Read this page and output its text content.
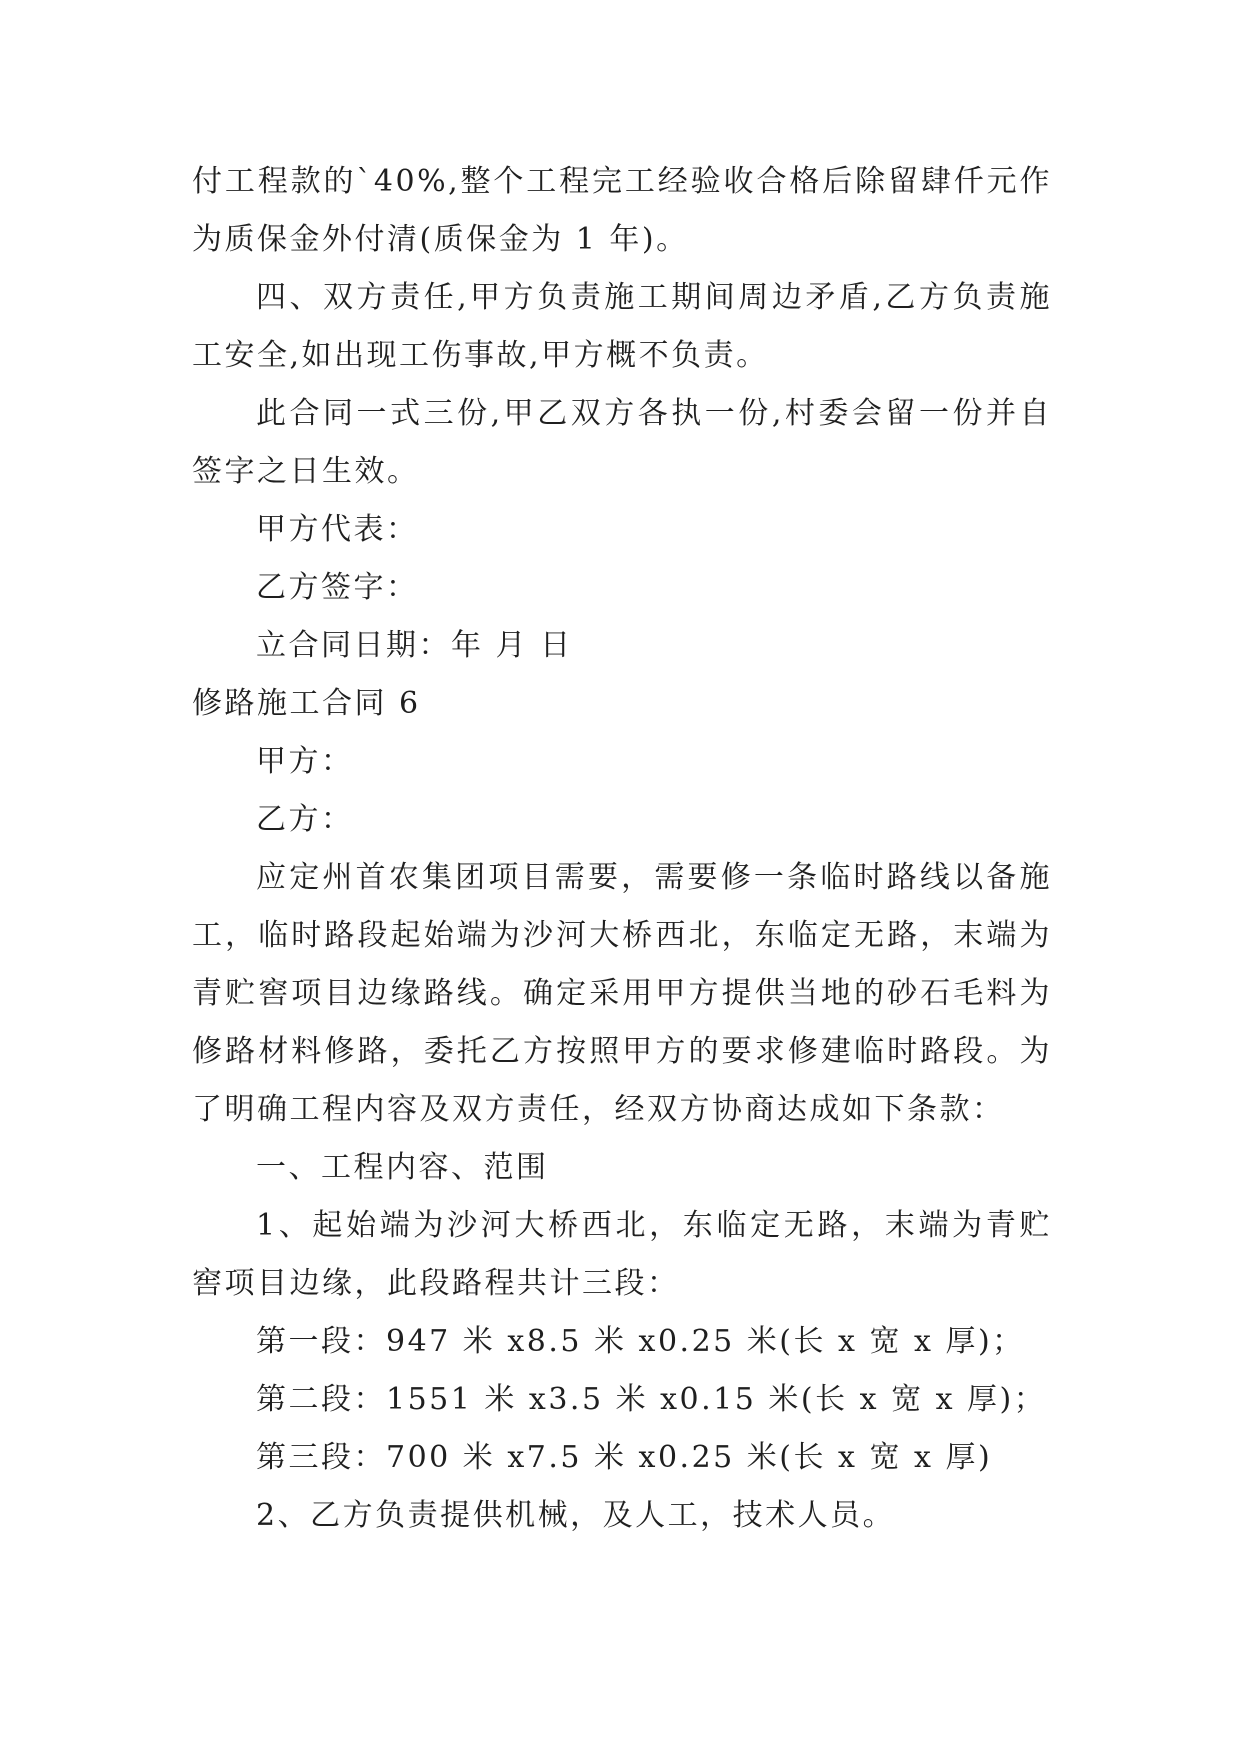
付工程款的`40%,整个工程完工经验收合格后除留肆仟元作为质保金外付清(质保金为 1 年)。

四、双方责任,甲方负责施工期间周边矛盾,乙方负责施工安全,如出现工伤事故,甲方概不负责。

此合同一式三份,甲乙双方各执一份,村委会留一份并自签字之日生效。

甲方代表：

乙方签字：

立合同日期：年 月 日

修路施工合同 6

甲方：

乙方：

应定州首农集团项目需要，需要修一条临时路线以备施工，临时路段起始端为沙河大桥西北，东临定无路，末端为青贮窖项目边缘路线。确定采用甲方提供当地的砂石毛料为修路材料修路，委托乙方按照甲方的要求修建临时路段。为了明确工程内容及双方责任，经双方协商达成如下条款：

一、工程内容、范围

1、起始端为沙河大桥西北，东临定无路，末端为青贮窖项目边缘，此段路程共计三段：

第一段：947 米 x8.5 米 x0.25 米(长 x 宽 x 厚)；

第二段：1551 米 x3.5 米 x0.15 米(长 x 宽 x 厚)；

第三段：700 米 x7.5 米 x0.25 米(长 x 宽 x 厚)

2、乙方负责提供机械，及人工，技术人员。
